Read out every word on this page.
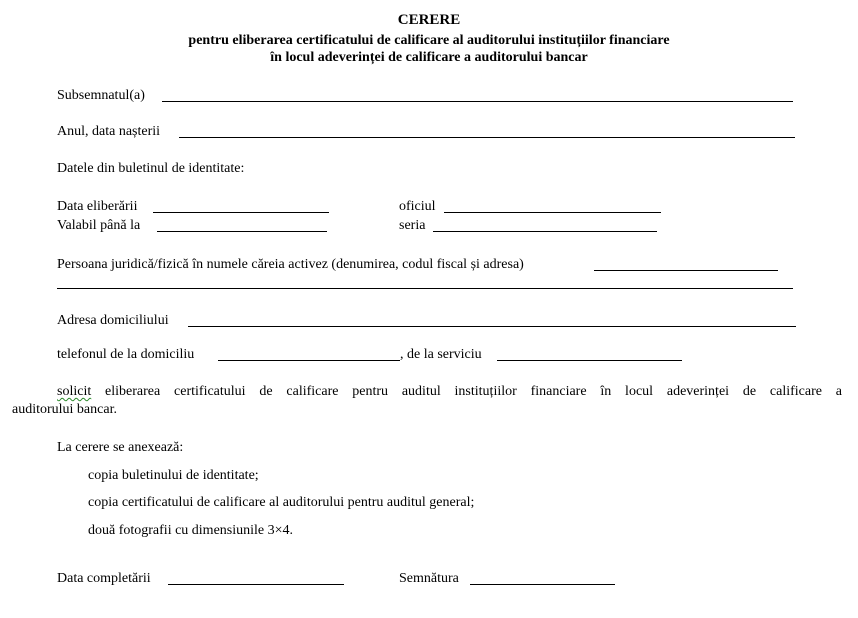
CERERE
pentru eliberarea certificatului de calificare al auditorului instituțiilor financiare
în locul adeverinței de calificare a auditorului bancar
Subsemnatul(a)
Anul, data nașterii
Datele din buletinul de identitate:
Data eliberării	oficiul
Valabil până la	seria
Persoana juridică/fizică în numele căreia activez (denumirea, codul fiscal și adresa)
Adresa domiciliului
telefonul de la domiciliu	, de la serviciu
solicit eliberarea certificatului de calificare pentru auditul instituțiilor financiare în locul adeverinței de calificare a
auditorului bancar.
La cerere se anexează:
copia buletinului de identitate;
copia certificatului de calificare al auditorului pentru auditul general;
două fotografii cu dimensiunile 3×4.
Data completării	Semnătura
